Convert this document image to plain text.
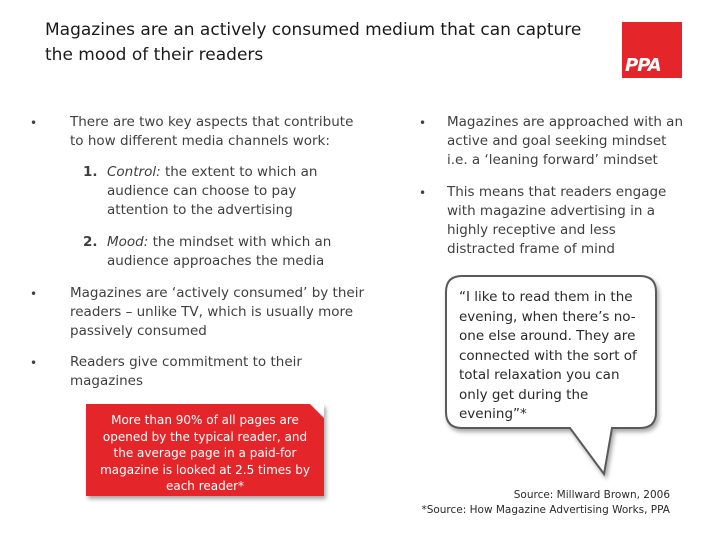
Magazines are an actively consumed medium that can capture the mood of their readers	PPA
• There are two key aspects that contribute to how different media channels work:
1. Control: the extent to which an audience can choose to pay attention to the advertising
2. Mood: the mindset with which an audience approaches the media
• Magazines are ‘actively consumed’ by their readers – unlike TV, which is usually more passively consumed
• Readers give commitment to their magazines
More than 90% of all pages are opened by the typical reader, and the average page in a paid-for magazine is looked at 2.5 times by each reader*
• Magazines are approached with an active and goal seeking mindset i.e. a ‘leaning forward’ mindset
• This means that readers engage with magazine advertising in a highly receptive and less distracted frame of mind
“I like to read them in the evening, when there’s no-one else around. They are connected with the sort of total relaxation you can only get during the evening”*
Source: Millward Brown, 2006
*Source: How Magazine Advertising Works, PPA
